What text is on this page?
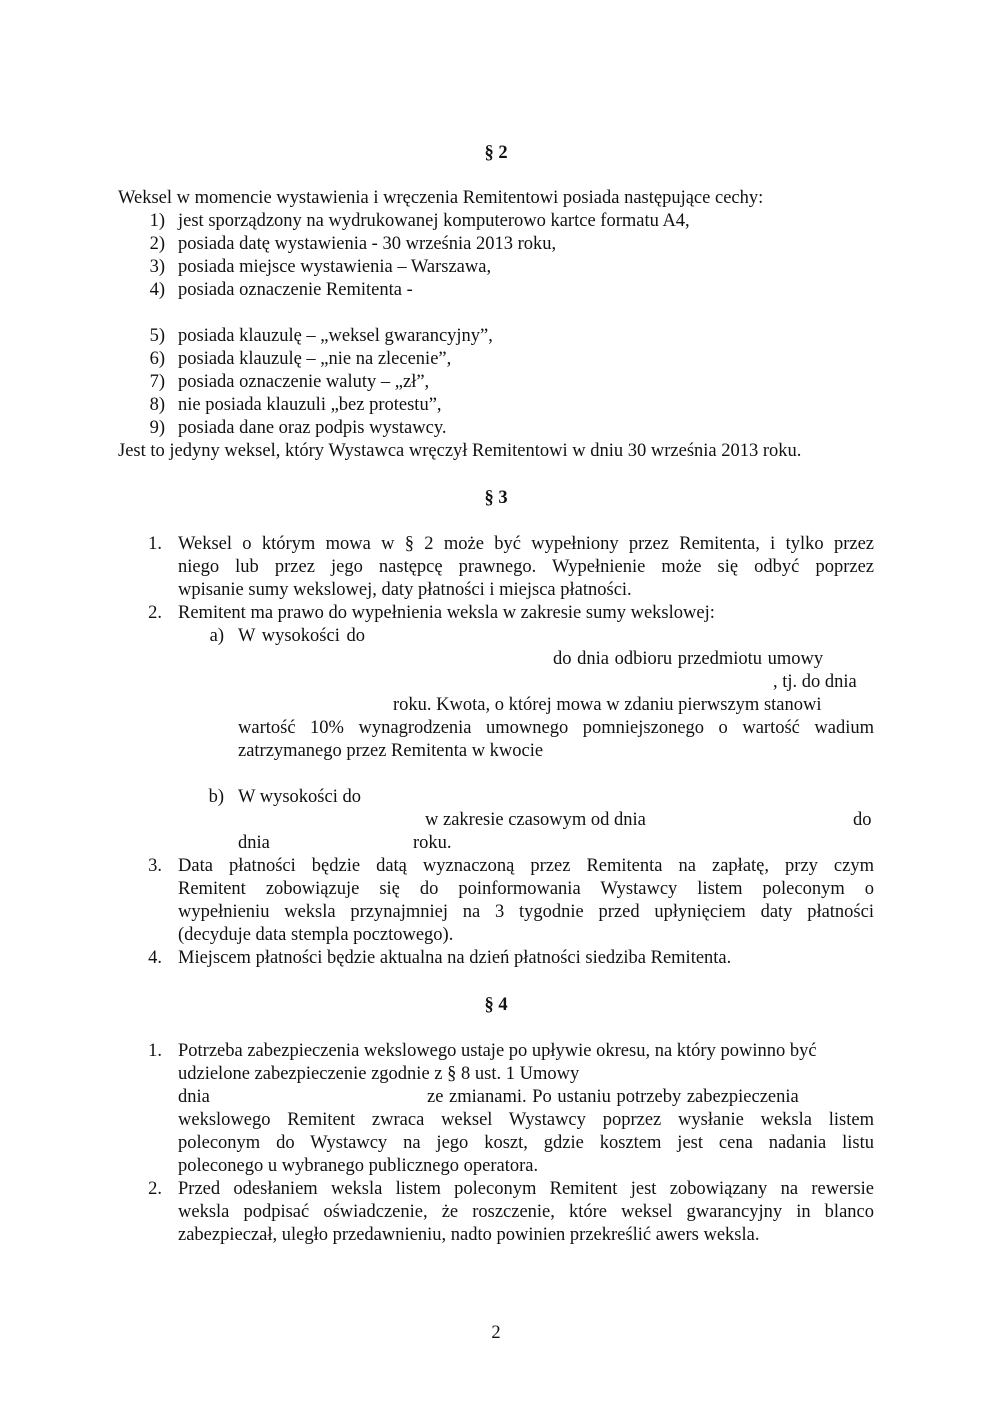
§ 2
Weksel w momencie wystawienia i wręczenia Remitentowi posiada następujące cechy:
1) jest sporządzony na wydrukowanej komputerowo kartce formatu A4,
2) posiada datę wystawienia - 30 września 2013 roku,
3) posiada miejsce wystawienia – Warszawa,
4) posiada oznaczenie Remitenta -
5) posiada klauzulę – „weksel gwarancyjny”,
6) posiada klauzulę – „nie na zlecenie”,
7) posiada oznaczenie waluty – „zł”,
8) nie posiada klauzuli „bez protestu”,
9) posiada dane oraz podpis wystawcy.
Jest to jedyny weksel, który Wystawca wręczył Remitentowi w dniu 30 września 2013 roku.
§ 3
1. Weksel o którym mowa w § 2 może być wypełniony przez Remitenta, i tylko przez
niego lub przez jego następcę prawnego. Wypełnienie może się odbyć poprzez
wpisanie sumy wekslowej, daty płatności i miejsca płatności.
2. Remitent ma prawo do wypełnienia weksla w zakresie sumy wekslowej:
a) W wysokości do
do dnia odbioru przedmiotu umowy
, tj. do dnia
roku. Kwota, o której mowa w zdaniu pierwszym stanowi
wartość 10% wynagrodzenia umownego pomniejszonego o wartość wadium
zatrzymanego przez Remitenta w kwocie
b) W wysokości do
w zakresie czasowym od dnia	do
dnia	roku.
3. Data płatności będzie datą wyznaczoną przez Remitenta na zapłatę, przy czym
Remitent zobowiązuje się do poinformowania Wystawcy listem poleconym o
wypełnieniu weksla przynajmniej na 3 tygodnie przed upłynięciem daty płatności
(decyduje data stempla pocztowego).
4. Miejscem płatności będzie aktualna na dzień płatności siedziba Remitenta.
§ 4
1. Potrzeba zabezpieczenia wekslowego ustaje po upływie okresu, na który powinno być
udzielone zabezpieczenie zgodnie z § 8 ust. 1 Umowy
dnia	ze zmianami. Po ustaniu potrzeby zabezpieczenia
wekslowego Remitent zwraca weksel Wystawcy poprzez wysłanie weksla listem
poleconym do Wystawcy na jego koszt, gdzie kosztem jest cena nadania listu
poleconego u wybranego publicznego operatora.
2. Przed odesłaniem weksla listem poleconym Remitent jest zobowiązany na rewersie
weksla podpisać oświadczenie, że roszczenie, które weksel gwarancyjny in blanco
zabezpieczał, uległo przedawnieniu, nadto powinien przekreślić awers weksla.
2
